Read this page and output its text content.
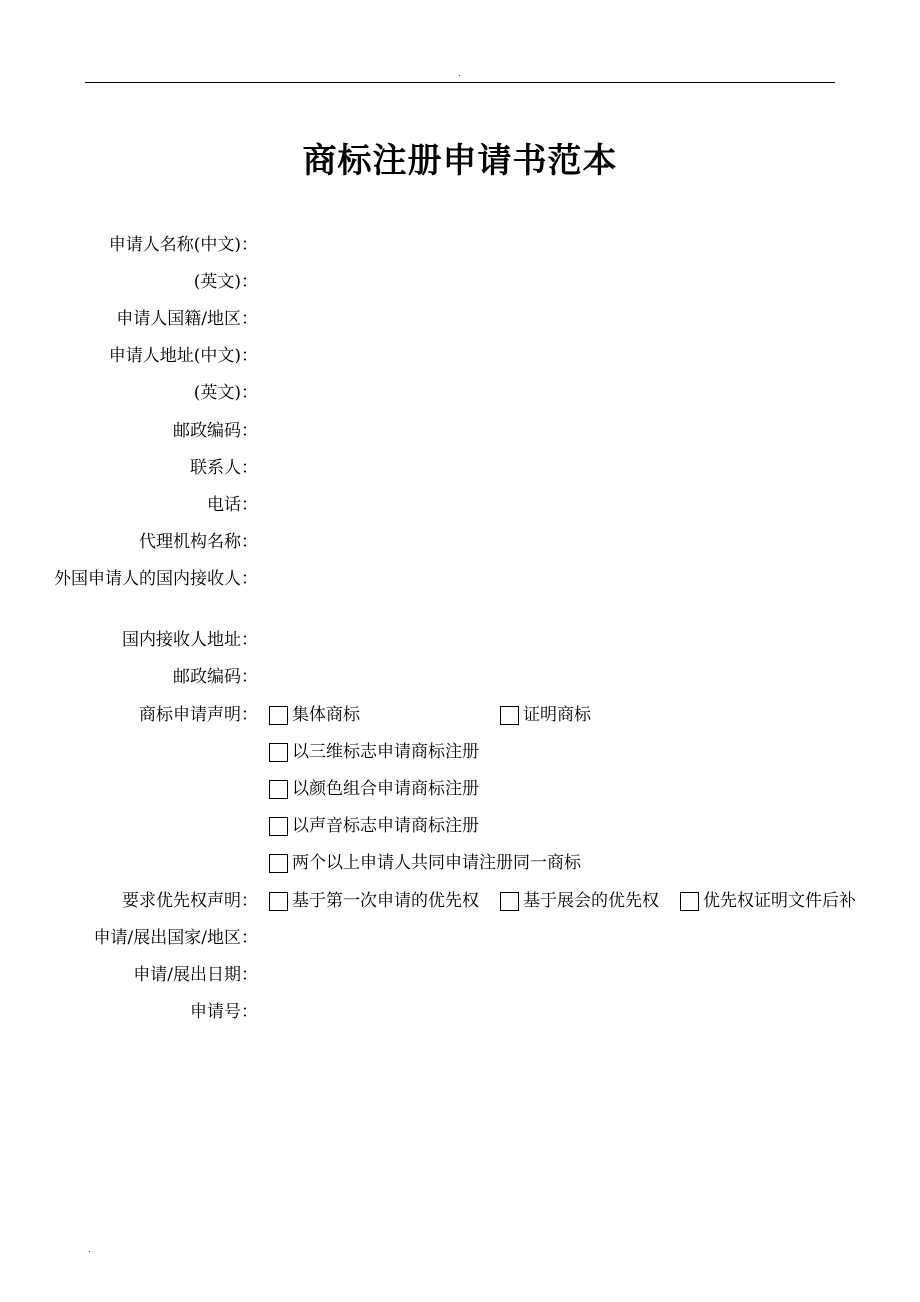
.
商标注册申请书范本
申请人名称(中文)：
(英文)：
申请人国籍/地区：
申请人地址(中文)：
(英文)：
邮政编码：
联系人：
电话：
代理机构名称：
外国申请人的国内接收人：
国内接收人地址：
邮政编码：
商标申请声明： 集体商标	证明商标
以三维标志申请商标注册
以颜色组合申请商标注册
以声音标志申请商标注册
两个以上申请人共同申请注册同一商标
要求优先权声明： 基于第一次申请的优先权	基于展会的优先权	优先权证明文件后补
申请/展出国家/地区：
申请/展出日期：
申请号：
.
